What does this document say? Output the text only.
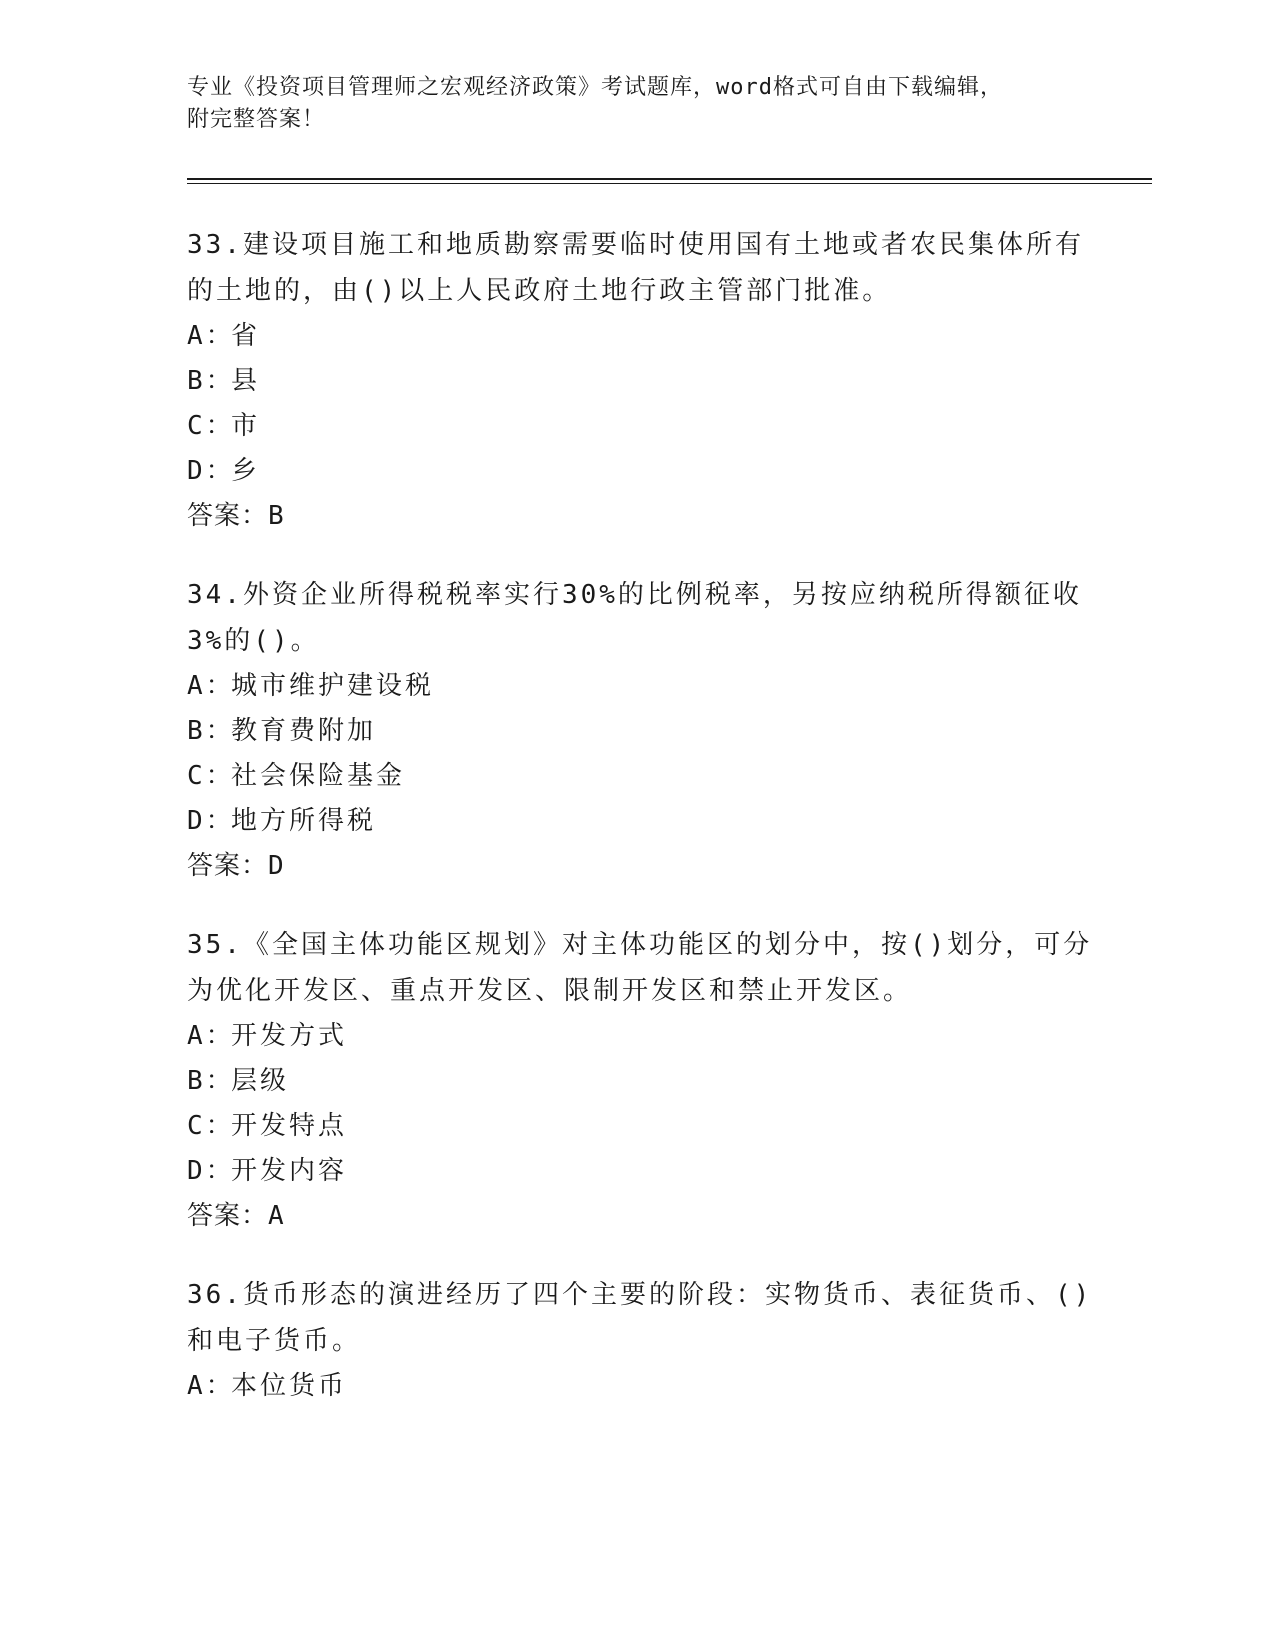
专业《投资项目管理师之宏观经济政策》考试题库，word格式可自由下载编辑，
附完整答案！
33.建设项目施工和地质勘察需要临时使用国有土地或者农民集体所有
的土地的，由()以上人民政府土地行政主管部门批准。
A：省
B：县
C：市
D：乡
答案：B
34.外资企业所得税税率实行30%的比例税率，另按应纳税所得额征收
3%的()。
A：城市维护建设税
B：教育费附加
C：社会保险基金
D：地方所得税
答案：D
35.《全国主体功能区规划》对主体功能区的划分中，按()划分，可分
为优化开发区、重点开发区、限制开发区和禁止开发区。
A：开发方式
B：层级
C：开发特点
D：开发内容
答案：A
36.货币形态的演进经历了四个主要的阶段：实物货币、表征货币、()
和电子货币。
A：本位货币
